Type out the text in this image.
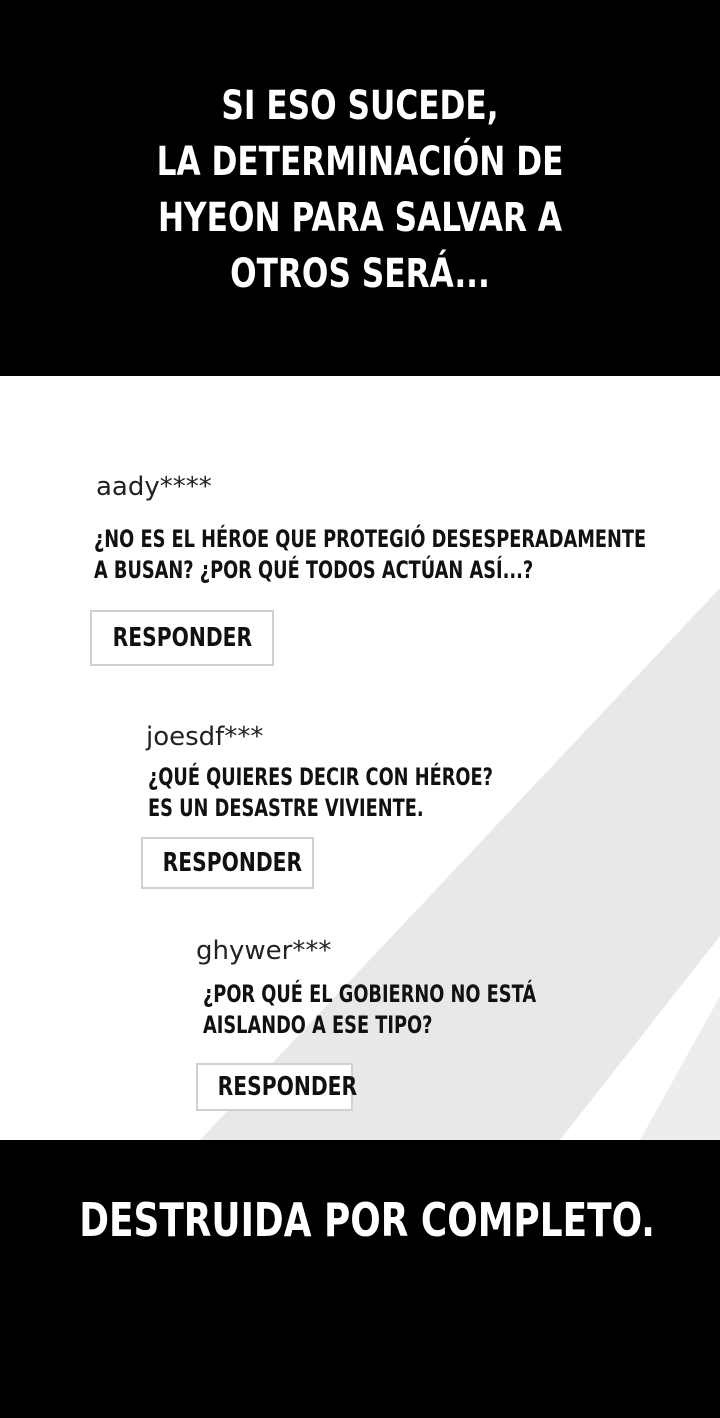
SI ESO SUCEDE,
LA DETERMINACIÓN DE
HYEON PARA SALVAR A
OTROS SERÁ...
aady****
¿NO ES EL HÉROE QUE PROTEGIÓ DESESPERADAMENTE
A BUSAN? ¿POR QUÉ TODOS ACTÚAN ASÍ...?
RESPONDER
joesdf***
¿QUÉ QUIERES DECIR CON HÉROE?
ES UN DESASTRE VIVIENTE.
RESPONDER
ghywer***
¿POR QUÉ EL GOBIERNO NO ESTÁ
AISLANDO A ESE TIPO?
RESPONDER
DESTRUIDA POR COMPLETO.
